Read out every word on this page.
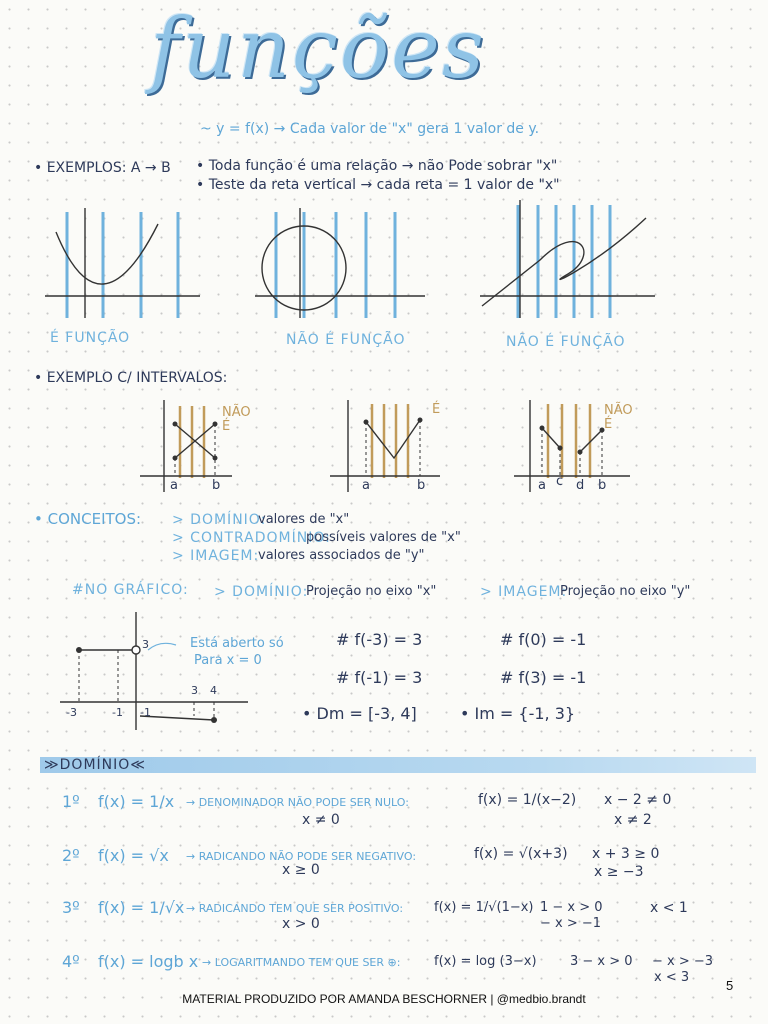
funções
~ y = f(x) → Cada valor de "x" gera 1 valor de y.
• EXEMPLOS: A → B • Toda função é uma relação → não Pode sobrar "x"
• Teste da reta vertical → cada reta = 1 valor de "x"
É FUNÇÃO	NÃO É FUNÇÃO	NÃO É FUNÇÃO
• EXEMPLO C/ INTERVALOS:
NÃO É
É	NÃO É
a	b	a	b	a c d b
• CONCEITOS: > DOMÍNIO:
valores de "x"
> CONTRADOMÍNIO:
possíveis valores de "x"
> IMAGEM:
valores associados de "y"
#NO GRÁFICO: > DOMÍNIO:
Projeção no eixo "x"	> IMAGEM:
Projeção no eixo "y"
Está aberto só
Para x = 0
3
-3	-1
3 4
-1
# f(-3) = 3	# f(0) = -1
# f(-1) = 3	# f(3) = -1
• Dm = [-3, 4]	• Im = {-1, 3}
≫DOMÍNIO≪
1º f(x) = 1/x → DENOMINADOR NÃO PODE SER NULO:
x ≠ 0
f(x) = 1/(x−2) x − 2 ≠ 0
x ≠ 2
2º f(x) = √x → RADICANDO NÃO PODE SER NEGATIVO:
x ≥ 0
f(x) = √(x+3) x + 3 ≥ 0
x ≥ −3
3º f(x) = 1/√x → RADICANDO TEM QUE SER POSITIVO:
x > 0
f(x) = 1/√(1−x) 1 − x > 0
− x > −1
x < 1
4º f(x) = logb x → LOGARITMANDO TEM QUE SER ⊕:	f(x) = log (3−x)	3 − x > 0 − x > −3
x < 3
5
MATERIAL PRODUZIDO POR AMANDA BESCHORNER | @medbio.brandt
